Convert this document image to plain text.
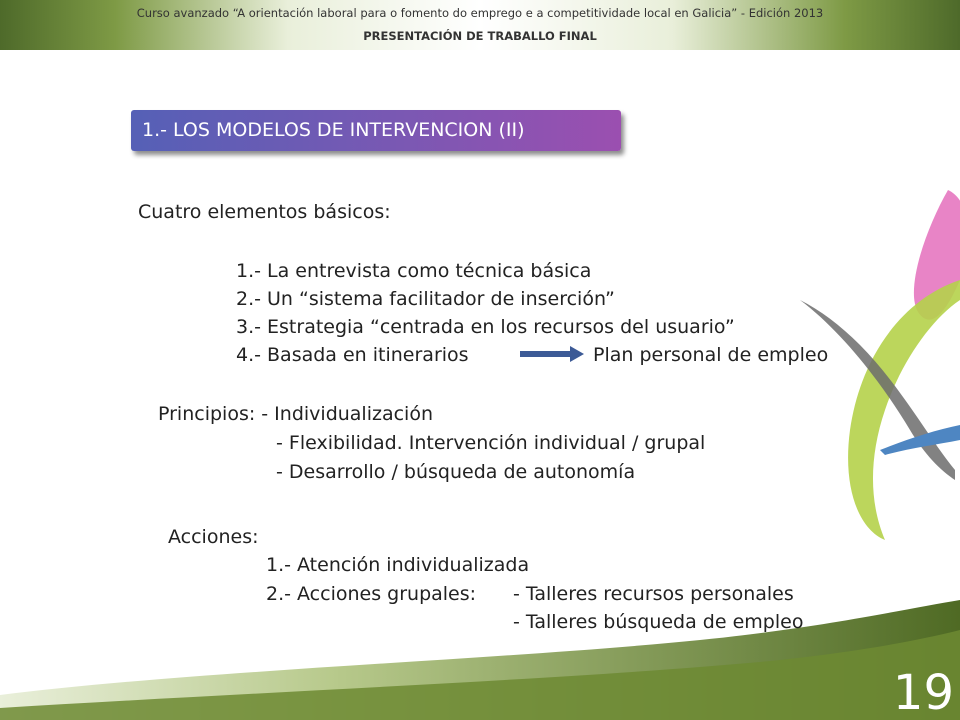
Curso avanzado “A orientación laboral para o fomento do emprego e a competitividade local en Galicia” - Edición 2013
PRESENTACIÓN DE TRABALLO FINAL
1.- LOS MODELOS DE INTERVENCION (II)
Cuatro elementos básicos:
1.- La entrevista como técnica básica
2.- Un “sistema facilitador de inserción”
3.- Estrategia “centrada en los recursos del usuario”
4.- Basada en itinerarios	Plan personal de empleo
Principios: - Individualización
- Flexibilidad. Intervención individual / grupal
- Desarrollo / búsqueda de autonomía
Acciones:
1.- Atención individualizada
2.- Acciones grupales: - Talleres recursos personales
- Talleres búsqueda de empleo
19
